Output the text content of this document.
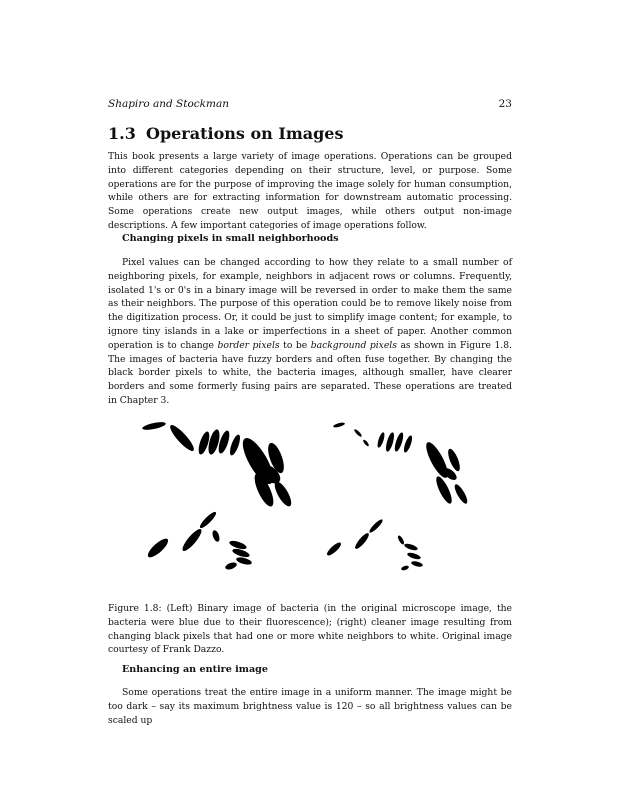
Shapiro and Stockman	23
1.3 Operations on Images

This book presents a large variety of image operations. Operations can be grouped into different categories depending on their structure, level, or purpose. Some operations are for the purpose of improving the image solely for human consumption, while others are for extracting information for downstream automatic processing. Some operations create new output images, while others output non-image descriptions. A few important categories of image operations follow.

Changing pixels in small neighborhoods

Pixel values can be changed according to how they relate to a small number of neighboring pixels, for example, neighbors in adjacent rows or columns. Frequently, isolated 1's or 0's in a binary image will be reversed in order to make them the same as their neighbors. The purpose of this operation could be to remove likely noise from the digitization process. Or, it could be just to simplify image content; for example, to ignore tiny islands in a lake or imperfections in a sheet of paper. Another common operation is to change border pixels to be background pixels as shown in Figure 1.8. The images of bacteria have fuzzy borders and often fuse together. By changing the black border pixels to white, the bacteria images, although smaller, have clearer borders and some formerly fusing pairs are separated. These operations are treated in Chapter 3.

Figure 1.8: (Left) Binary image of bacteria (in the original microscope image, the bacteria were blue due to their fluorescence); (right) cleaner image resulting from changing black pixels that had one or more white neighbors to white. Original image courtesy of Frank Dazzo.

Enhancing an entire image

Some operations treat the entire image in a uniform manner. The image might be too dark – say its maximum brightness value is 120 – so all brightness values can be scaled up
